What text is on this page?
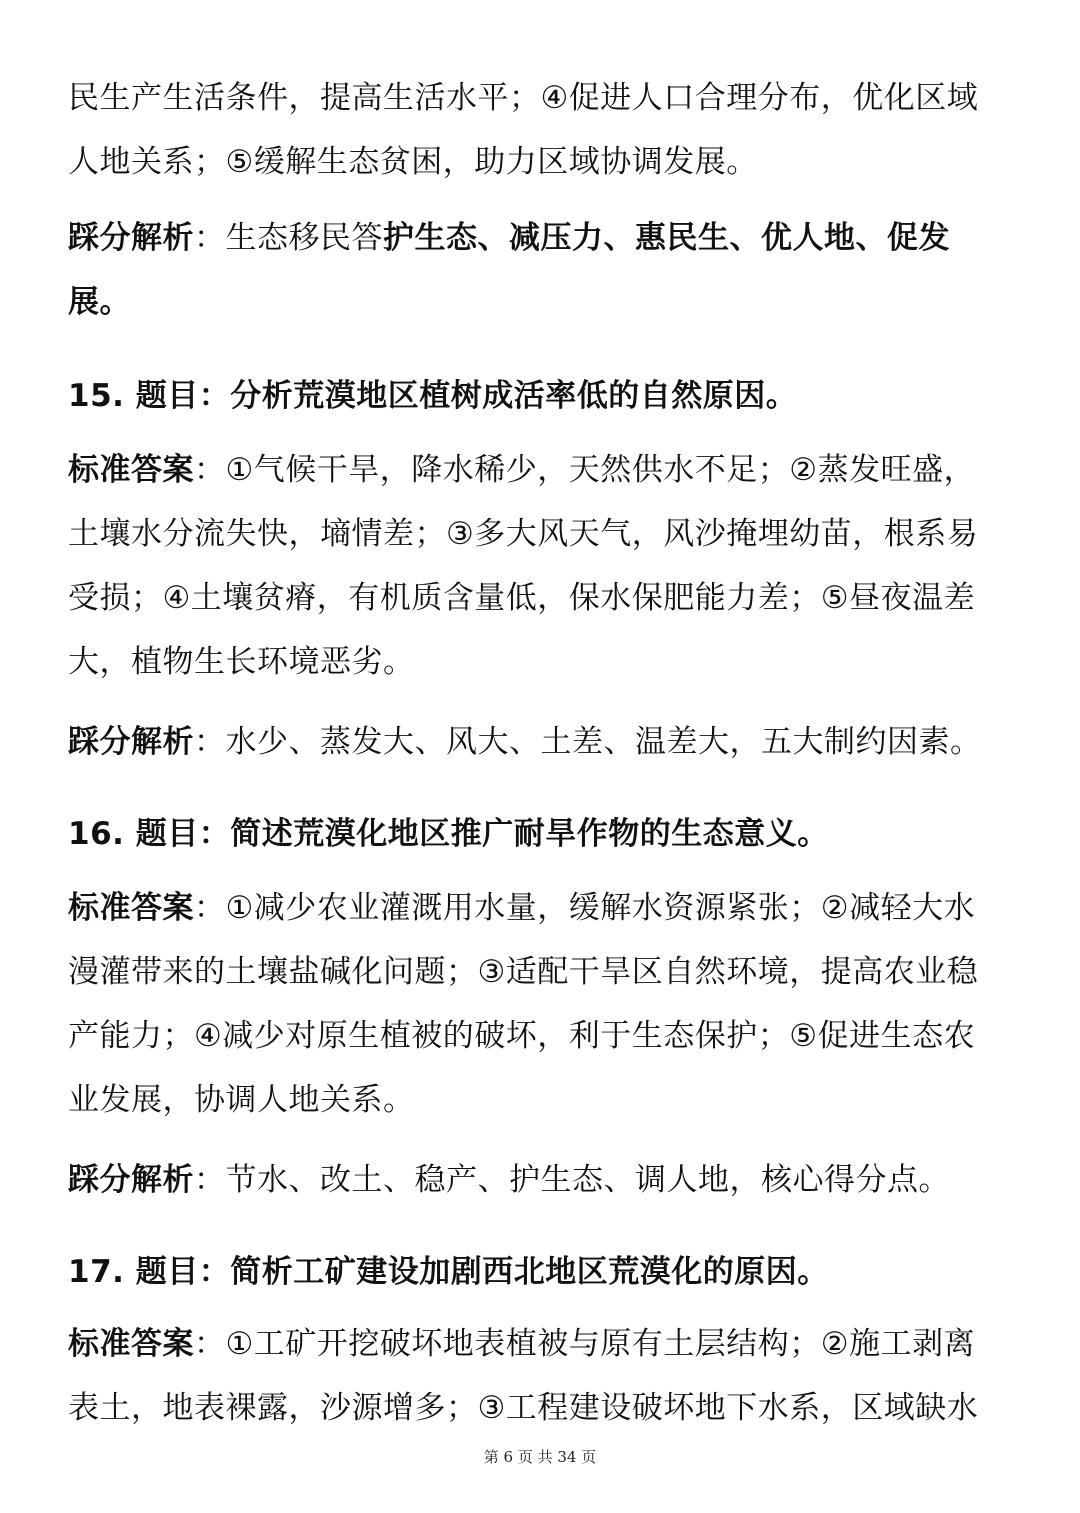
民生产生活条件，提高生活水平；④促进人口合理分布，优化区域人地关系；⑤缓解生态贫困，助力区域协调发展。

踩分解析：生态移民答护生态、减压力、惠民生、优人地、促发展。

15. 题目：分析荒漠地区植树成活率低的自然原因。

标准答案：①气候干旱，降水稀少，天然供水不足；②蒸发旺盛，土壤水分流失快，墒情差；③多大风天气，风沙掩埋幼苗，根系易受损；④土壤贫瘠，有机质含量低，保水保肥能力差；⑤昼夜温差大，植物生长环境恶劣。

踩分解析：水少、蒸发大、风大、土差、温差大，五大制约因素。

16. 题目：简述荒漠化地区推广耐旱作物的生态意义。

标准答案：①减少农业灌溉用水量，缓解水资源紧张；②减轻大水漫灌带来的土壤盐碱化问题；③适配干旱区自然环境，提高农业稳产能力；④减少对原生植被的破坏，利于生态保护；⑤促进生态农业发展，协调人地关系。

踩分解析：节水、改土、稳产、护生态、调人地，核心得分点。

17. 题目：简析工矿建设加剧西北地区荒漠化的原因。

标准答案：①工矿开挖破坏地表植被与原有土层结构；②施工剥离表土，地表裸露，沙源增多；③工程建设破坏地下水系，区域缺水

第 6 页 共 34 页
